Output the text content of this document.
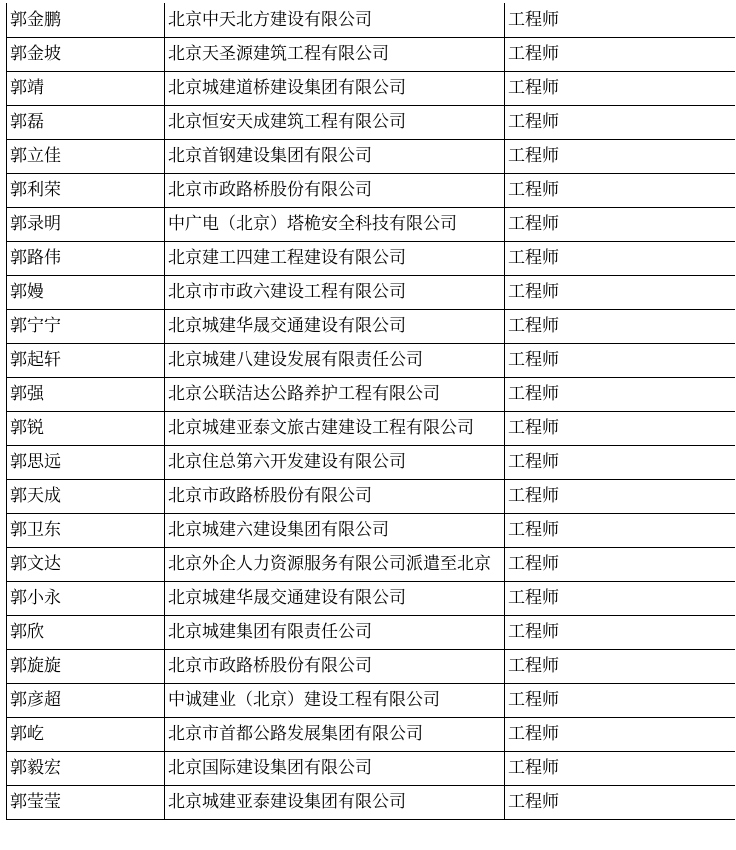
郭金鹏	北京中天北方建设有限公司	工程师
郭金坡	北京天圣源建筑工程有限公司	工程师
郭靖	北京城建道桥建设集团有限公司	工程师
郭磊	北京恒安天成建筑工程有限公司	工程师
郭立佳	北京首钢建设集团有限公司	工程师
郭利荣	北京市政路桥股份有限公司	工程师
郭录明	中广电（北京）塔桅安全科技有限公司	工程师
郭路伟	北京建工四建工程建设有限公司	工程师
郭嫚	北京市市政六建设工程有限公司	工程师
郭宁宁	北京城建华晟交通建设有限公司	工程师
郭起轩	北京城建八建设发展有限责任公司	工程师
郭强	北京公联洁达公路养护工程有限公司	工程师
郭锐	北京城建亚泰文旅古建建设工程有限公司	工程师
郭思远	北京住总第六开发建设有限公司	工程师
郭天成	北京市政路桥股份有限公司	工程师
郭卫东	北京城建六建设集团有限公司	工程师
郭文达	北京外企人力资源服务有限公司派遣至北京	工程师
郭小永	北京城建华晟交通建设有限公司	工程师
郭欣	北京城建集团有限责任公司	工程师
郭旋旋	北京市政路桥股份有限公司	工程师
郭彦超	中诚建业（北京）建设工程有限公司	工程师
郭屹	北京市首都公路发展集团有限公司	工程师
郭毅宏	北京国际建设集团有限公司	工程师
郭莹莹	北京城建亚泰建设集团有限公司	工程师
